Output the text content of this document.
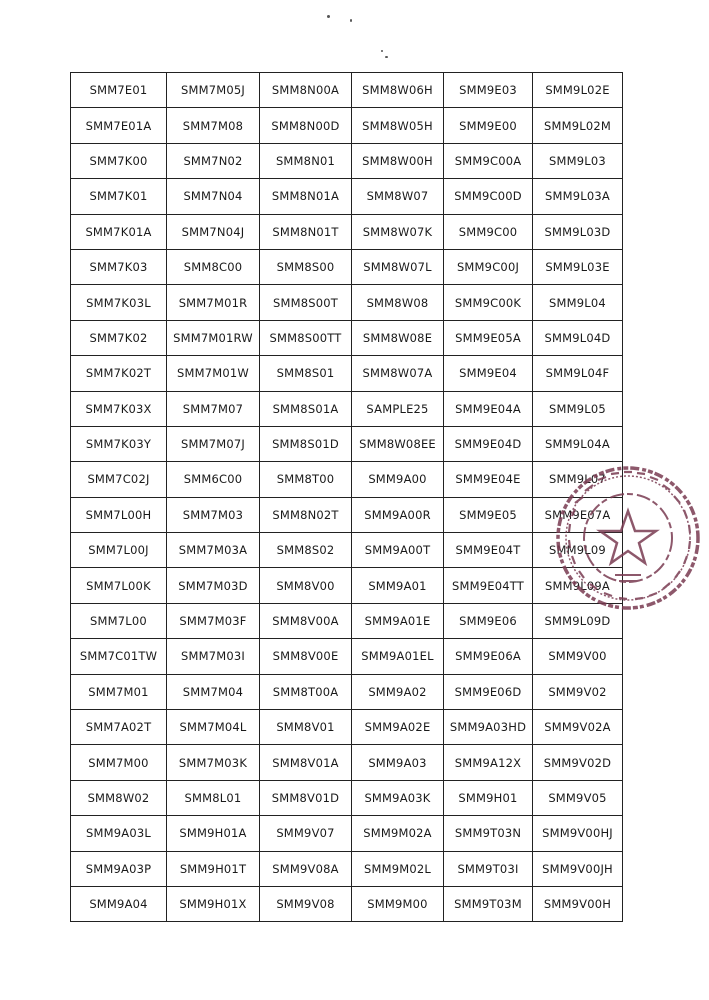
SMM7E01	SMM7M05J	SMM8N00A	SMM8W06H	SMM9E03	SMM9L02E
SMM7E01A	SMM7M08	SMM8N00D	SMM8W05H	SMM9E00	SMM9L02M
SMM7K00	SMM7N02	SMM8N01	SMM8W00H	SMM9C00A	SMM9L03
SMM7K01	SMM7N04	SMM8N01A	SMM8W07	SMM9C00D	SMM9L03A
SMM7K01A	SMM7N04J	SMM8N01T	SMM8W07K	SMM9C00	SMM9L03D
SMM7K03	SMM8C00	SMM8S00	SMM8W07L	SMM9C00J	SMM9L03E
SMM7K03L	SMM7M01R	SMM8S00T	SMM8W08	SMM9C00K	SMM9L04
SMM7K02	SMM7M01RW	SMM8S00TT	SMM8W08E	SMM9E05A	SMM9L04D
SMM7K02T	SMM7M01W	SMM8S01	SMM8W07A	SMM9E04	SMM9L04F
SMM7K03X	SMM7M07	SMM8S01A	SAMPLE25	SMM9E04A	SMM9L05
SMM7K03Y	SMM7M07J	SMM8S01D	SMM8W08EE	SMM9E04D	SMM9L04A
SMM7C02J	SMM6C00	SMM8T00	SMM9A00	SMM9E04E	SMM9L07
SMM7L00H	SMM7M03	SMM8N02T	SMM9A00R	SMM9E05	SMM9E07A
SMM7L00J	SMM7M03A	SMM8S02	SMM9A00T	SMM9E04T	SMM9L09
SMM7L00K	SMM7M03D	SMM8V00	SMM9A01	SMM9E04TT	SMM9L09A
SMM7L00	SMM7M03F	SMM8V00A	SMM9A01E	SMM9E06	SMM9L09D
SMM7C01TW	SMM7M03I	SMM8V00E	SMM9A01EL	SMM9E06A	SMM9V00
SMM7M01	SMM7M04	SMM8T00A	SMM9A02	SMM9E06D	SMM9V02
SMM7A02T	SMM7M04L	SMM8V01	SMM9A02E	SMM9A03HD	SMM9V02A
SMM7M00	SMM7M03K	SMM8V01A	SMM9A03	SMM9A12X	SMM9V02D
SMM8W02	SMM8L01	SMM8V01D	SMM9A03K	SMM9H01	SMM9V05
SMM9A03L	SMM9H01A	SMM9V07	SMM9M02A	SMM9T03N	SMM9V00HJ
SMM9A03P	SMM9H01T	SMM9V08A	SMM9M02L	SMM9T03I	SMM9V00JH
SMM9A04	SMM9H01X	SMM9V08	SMM9M00	SMM9T03M	SMM9V00H
